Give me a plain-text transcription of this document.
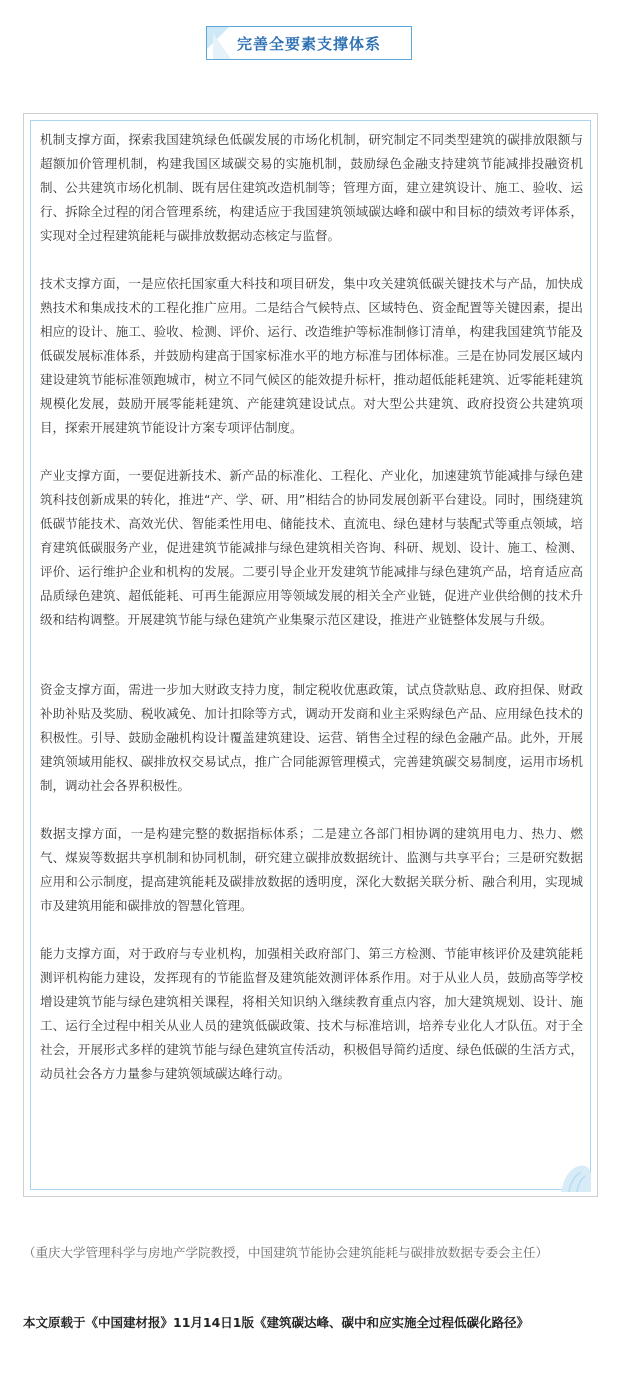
完善全要素支撑体系

机制支撑方面，探索我国建筑绿色低碳发展的市场化机制，研究制定不同类型建筑的碳排放限额与超额加价管理机制，构建我国区域碳交易的实施机制，鼓励绿色金融支持建筑节能减排投融资机制、公共建筑市场化机制、既有居住建筑改造机制等；管理方面，建立建筑设计、施工、验收、运行、拆除全过程的闭合管理系统，构建适应于我国建筑领域碳达峰和碳中和目标的绩效考评体系，实现对全过程建筑能耗与碳排放数据动态核定与监督。

技术支撑方面，一是应依托国家重大科技和项目研发，集中攻关建筑低碳关键技术与产品，加快成熟技术和集成技术的工程化推广应用。二是结合气候特点、区域特色、资金配置等关键因素，提出相应的设计、施工、验收、检测、评价、运行、改造维护等标准制修订清单，构建我国建筑节能及低碳发展标准体系，并鼓励构建高于国家标准水平的地方标准与团体标准。三是在协同发展区域内建设建筑节能标准领跑城市，树立不同气候区的能效提升标杆，推动超低能耗建筑、近零能耗建筑规模化发展，鼓励开展零能耗建筑、产能建筑建设试点。对大型公共建筑、政府投资公共建筑项目，探索开展建筑节能设计方案专项评估制度。

产业支撑方面，一要促进新技术、新产品的标准化、工程化、产业化，加速建筑节能减排与绿色建筑科技创新成果的转化，推进“产、学、研、用”相结合的协同发展创新平台建设。同时，围绕建筑低碳节能技术、高效光伏、智能柔性用电、储能技术、直流电、绿色建材与装配式等重点领域，培育建筑低碳服务产业，促进建筑节能减排与绿色建筑相关咨询、科研、规划、设计、施工、检测、评价、运行维护企业和机构的发展。二要引导企业开发建筑节能减排与绿色建筑产品，培育适应高品质绿色建筑、超低能耗、可再生能源应用等领域发展的相关全产业链，促进产业供给侧的技术升级和结构调整。开展建筑节能与绿色建筑产业集聚示范区建设，推进产业链整体发展与升级。

资金支撑方面，需进一步加大财政支持力度，制定税收优惠政策，试点贷款贴息、政府担保、财政补助补贴及奖励、税收减免、加计扣除等方式，调动开发商和业主采购绿色产品、应用绿色技术的积极性。引导、鼓励金融机构设计覆盖建筑建设、运营、销售全过程的绿色金融产品。此外，开展建筑领域用能权、碳排放权交易试点，推广合同能源管理模式，完善建筑碳交易制度，运用市场机制，调动社会各界积极性。

数据支撑方面，一是构建完整的数据指标体系；二是建立各部门相协调的建筑用电力、热力、燃气、煤炭等数据共享机制和协同机制，研究建立碳排放数据统计、监测与共享平台；三是研究数据应用和公示制度，提高建筑能耗及碳排放数据的透明度，深化大数据关联分析、融合利用，实现城市及建筑用能和碳排放的智慧化管理。

能力支撑方面，对于政府与专业机构，加强相关政府部门、第三方检测、节能审核评价及建筑能耗测评机构能力建设，发挥现有的节能监督及建筑能效测评体系作用。对于从业人员，鼓励高等学校增设建筑节能与绿色建筑相关课程，将相关知识纳入继续教育重点内容，加大建筑规划、设计、施工、运行全过程中相关从业人员的建筑低碳政策、技术与标准培训，培养专业化人才队伍。对于全社会，开展形式多样的建筑节能与绿色建筑宣传活动，积极倡导简约适度、绿色低碳的生活方式，动员社会各方力量参与建筑领域碳达峰行动。

（重庆大学管理科学与房地产学院教授，中国建筑节能协会建筑能耗与碳排放数据专委会主任）
本文原载于《中国建材报》11月14日1版《建筑碳达峰、碳中和应实施全过程低碳化路径》
